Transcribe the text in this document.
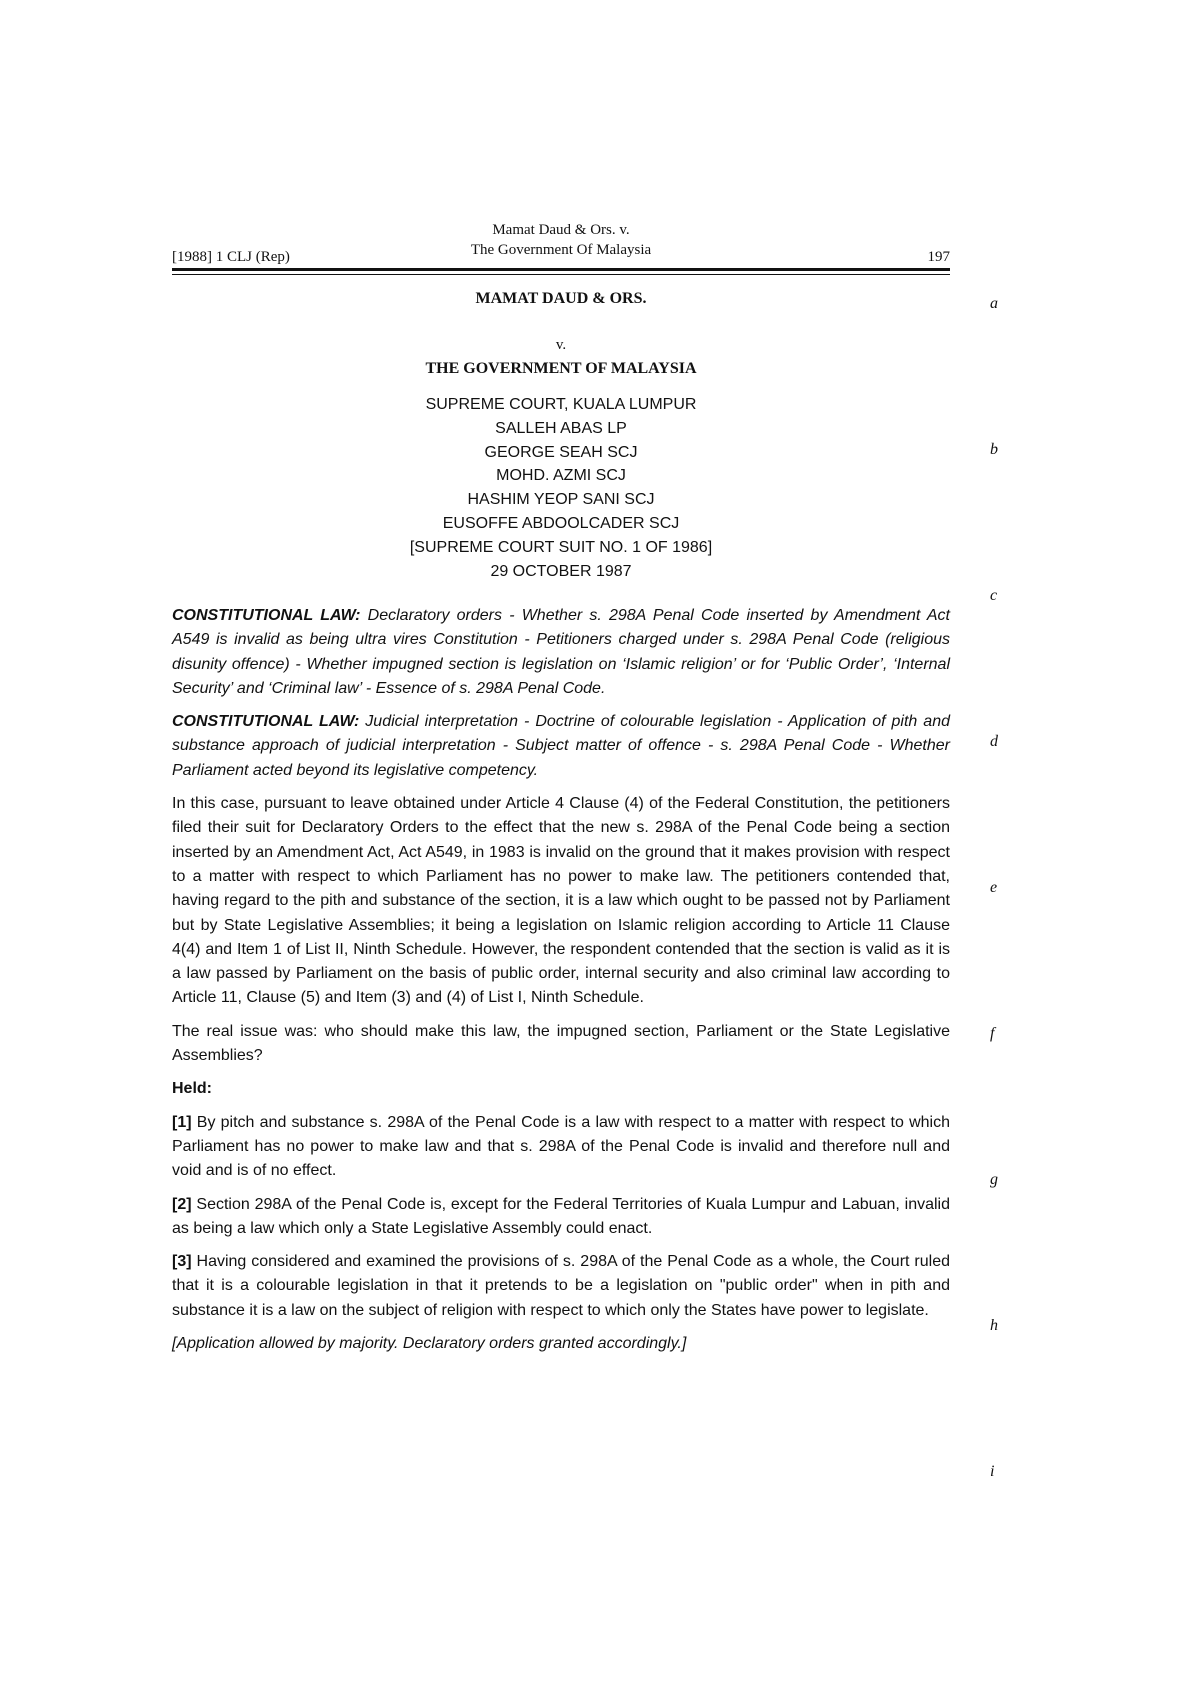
[1988] 1 CLJ (Rep)
Mamat Daud & Ors. v.
The Government Of Malaysia	197
MAMAT DAUD & ORS.
v.
THE GOVERNMENT OF MALAYSIA
SUPREME COURT, KUALA LUMPUR
SALLEH ABAS LP
GEORGE SEAH SCJ
MOHD. AZMI SCJ
HASHIM YEOP SANI SCJ
EUSOFFE ABDOOLCADER SCJ
[SUPREME COURT SUIT NO. 1 OF 1986]
29 OCTOBER 1987

CONSTITUTIONAL LAW: Declaratory orders - Whether s. 298A Penal Code inserted by Amendment Act A549 is invalid as being ultra vires Constitution - Petitioners charged under s. 298A Penal Code (religious disunity offence) - Whether impugned section is legislation on ‘Islamic religion’ or for ‘Public Order’, ‘Internal Security’ and ‘Criminal law’ - Essence of s. 298A Penal Code.

CONSTITUTIONAL LAW: Judicial interpretation - Doctrine of colourable legislation - Application of pith and substance approach of judicial interpretation - Subject matter of offence - s. 298A Penal Code - Whether Parliament acted beyond its legislative competency.

In this case, pursuant to leave obtained under Article 4 Clause (4) of the Federal Constitution, the petitioners filed their suit for Declaratory Orders to the effect that the new s. 298A of the Penal Code being a section inserted by an Amendment Act, Act A549, in 1983 is invalid on the ground that it makes provision with respect to a matter with respect to which Parliament has no power to make law. The petitioners contended that, having regard to the pith and substance of the section, it is a law which ought to be passed not by Parliament but by State Legislative Assemblies; it being a legislation on Islamic religion according to Article 11 Clause 4(4) and Item 1 of List II, Ninth Schedule. However, the respondent contended that the section is valid as it is a law passed by Parliament on the basis of public order, internal security and also criminal law according to Article 11, Clause (5) and Item (3) and (4) of List I, Ninth Schedule.

The real issue was: who should make this law, the impugned section, Parliament or the State Legislative Assemblies?

Held:

[1] By pitch and substance s. 298A of the Penal Code is a law with respect to a matter with respect to which Parliament has no power to make law and that s. 298A of the Penal Code is invalid and therefore null and void and is of no effect.

[2] Section 298A of the Penal Code is, except for the Federal Territories of Kuala Lumpur and Labuan, invalid as being a law which only a State Legislative Assembly could enact.

[3] Having considered and examined the provisions of s. 298A of the Penal Code as a whole, the Court ruled that it is a colourable legislation in that it pretends to be a legislation on "public order" when in pith and substance it is a law on the subject of religion with respect to which only the States have power to legislate.

[Application allowed by majority. Declaratory orders granted accordingly.]

a
b
c
d
e
f
g
h
i
